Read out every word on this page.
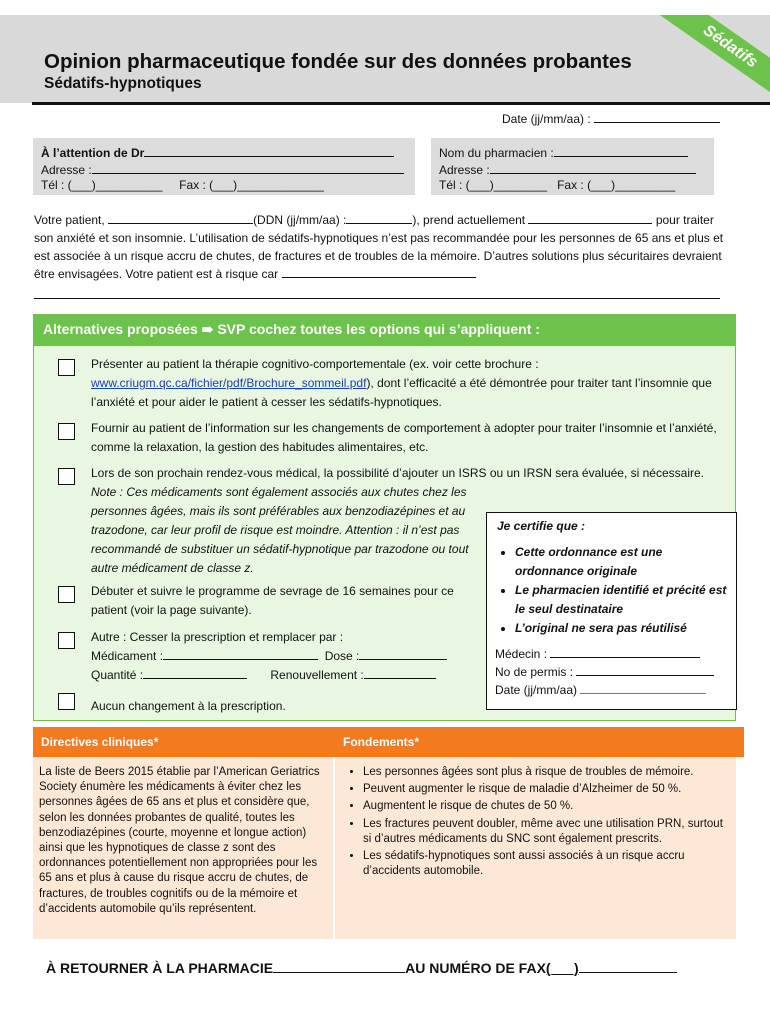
Sédatifs
Opinion pharmaceutique fondée sur des données probantes
Sédatifs-hypnotiques
Date (jj/mm/aa) :
À l’attention de Dr
Adresse :
Tél : (___)__________ Fax : (___)_____________
Nom du pharmacien :
Adresse :
Tél : (___)________ Fax : (___)_________
Votre patient,	(DDN (jj/mm/aa) :	), prend actuellement	pour traiter son anxiété et son insomnie. L’utilisation de sédatifs-hypnotiques n’est pas recommandée pour les personnes de 65 ans et plus et est associée à un risque accru de chutes, de fractures et de troubles de la mémoire. D’autres solutions plus sécuritaires devraient être envisagées. Votre patient est à risque car
Alternatives proposées ➠ SVP cochez toutes les options qui s’appliquent :
Présenter au patient la thérapie cognitivo-comportementale (ex. voir cette brochure :
www.criugm.qc.ca/fichier/pdf/Brochure_sommeil.pdf), dont l’efficacité a été démontrée pour traiter tant l’insomnie que l’anxiété et pour aider le patient à cesser les sédatifs-hypnotiques.
Fournir au patient de l’information sur les changements de comportement à adopter pour traiter l’insomnie et l’anxiété, comme la relaxation, la gestion des habitudes alimentaires, etc.
Lors de son prochain rendez-vous médical, la possibilité d’ajouter un ISRS ou un IRSN sera évaluée, si nécessaire.
Note : Ces médicaments sont également associés aux chutes chez les personnes âgées, mais ils sont préférables aux benzodiazépines et au trazodone, car leur profil de risque est moindre. Attention : il n’est pas recommandé de substituer un sédatif-hypnotique par trazodone ou tout autre médicament de classe z.
Débuter et suivre le programme de sevrage de 16 semaines pour ce patient (voir la page suivante).
Autre : Cesser la prescription et remplacer par :
Médicament :	Dose :
Quantité :	Renouvellement :
Aucun changement à la prescription.
Je certifie que :
• Cette ordonnance est une ordonnance originale
• Le pharmacien identifié et précité est le seul destinataire
• L’original ne sera pas réutilisé
Médecin :
No de permis :
Date (jj/mm/aa)
Directives cliniques*	Fondements*
La liste de Beers 2015 établie par l’American Geriatrics Society énumère les médicaments à éviter chez les personnes âgées de 65 ans et plus et considère que, selon les données probantes de qualité, toutes les benzodiazépines (courte, moyenne et longue action) ainsi que les hypnotiques de classe z sont des ordonnances potentiellement non appropriées pour les 65 ans et plus à cause du risque accru de chutes, de fractures, de troubles cognitifs ou de la mémoire et d’accidents automobile qu’ils représentent.
• Les personnes âgées sont plus à risque de troubles de mémoire.
• Peuvent augmenter le risque de maladie d’Alzheimer de 50 %.
• Augmentent le risque de chutes de 50 %.
• Les fractures peuvent doubler, même avec une utilisation PRN, surtout si d’autres médicaments du SNC sont également prescrits.
• Les sédatifs-hypnotiques sont aussi associés à un risque accru d’accidents automobile.
À RETOURNER À LA PHARMACIE	AU NUMÉRO DE FAX(___)
